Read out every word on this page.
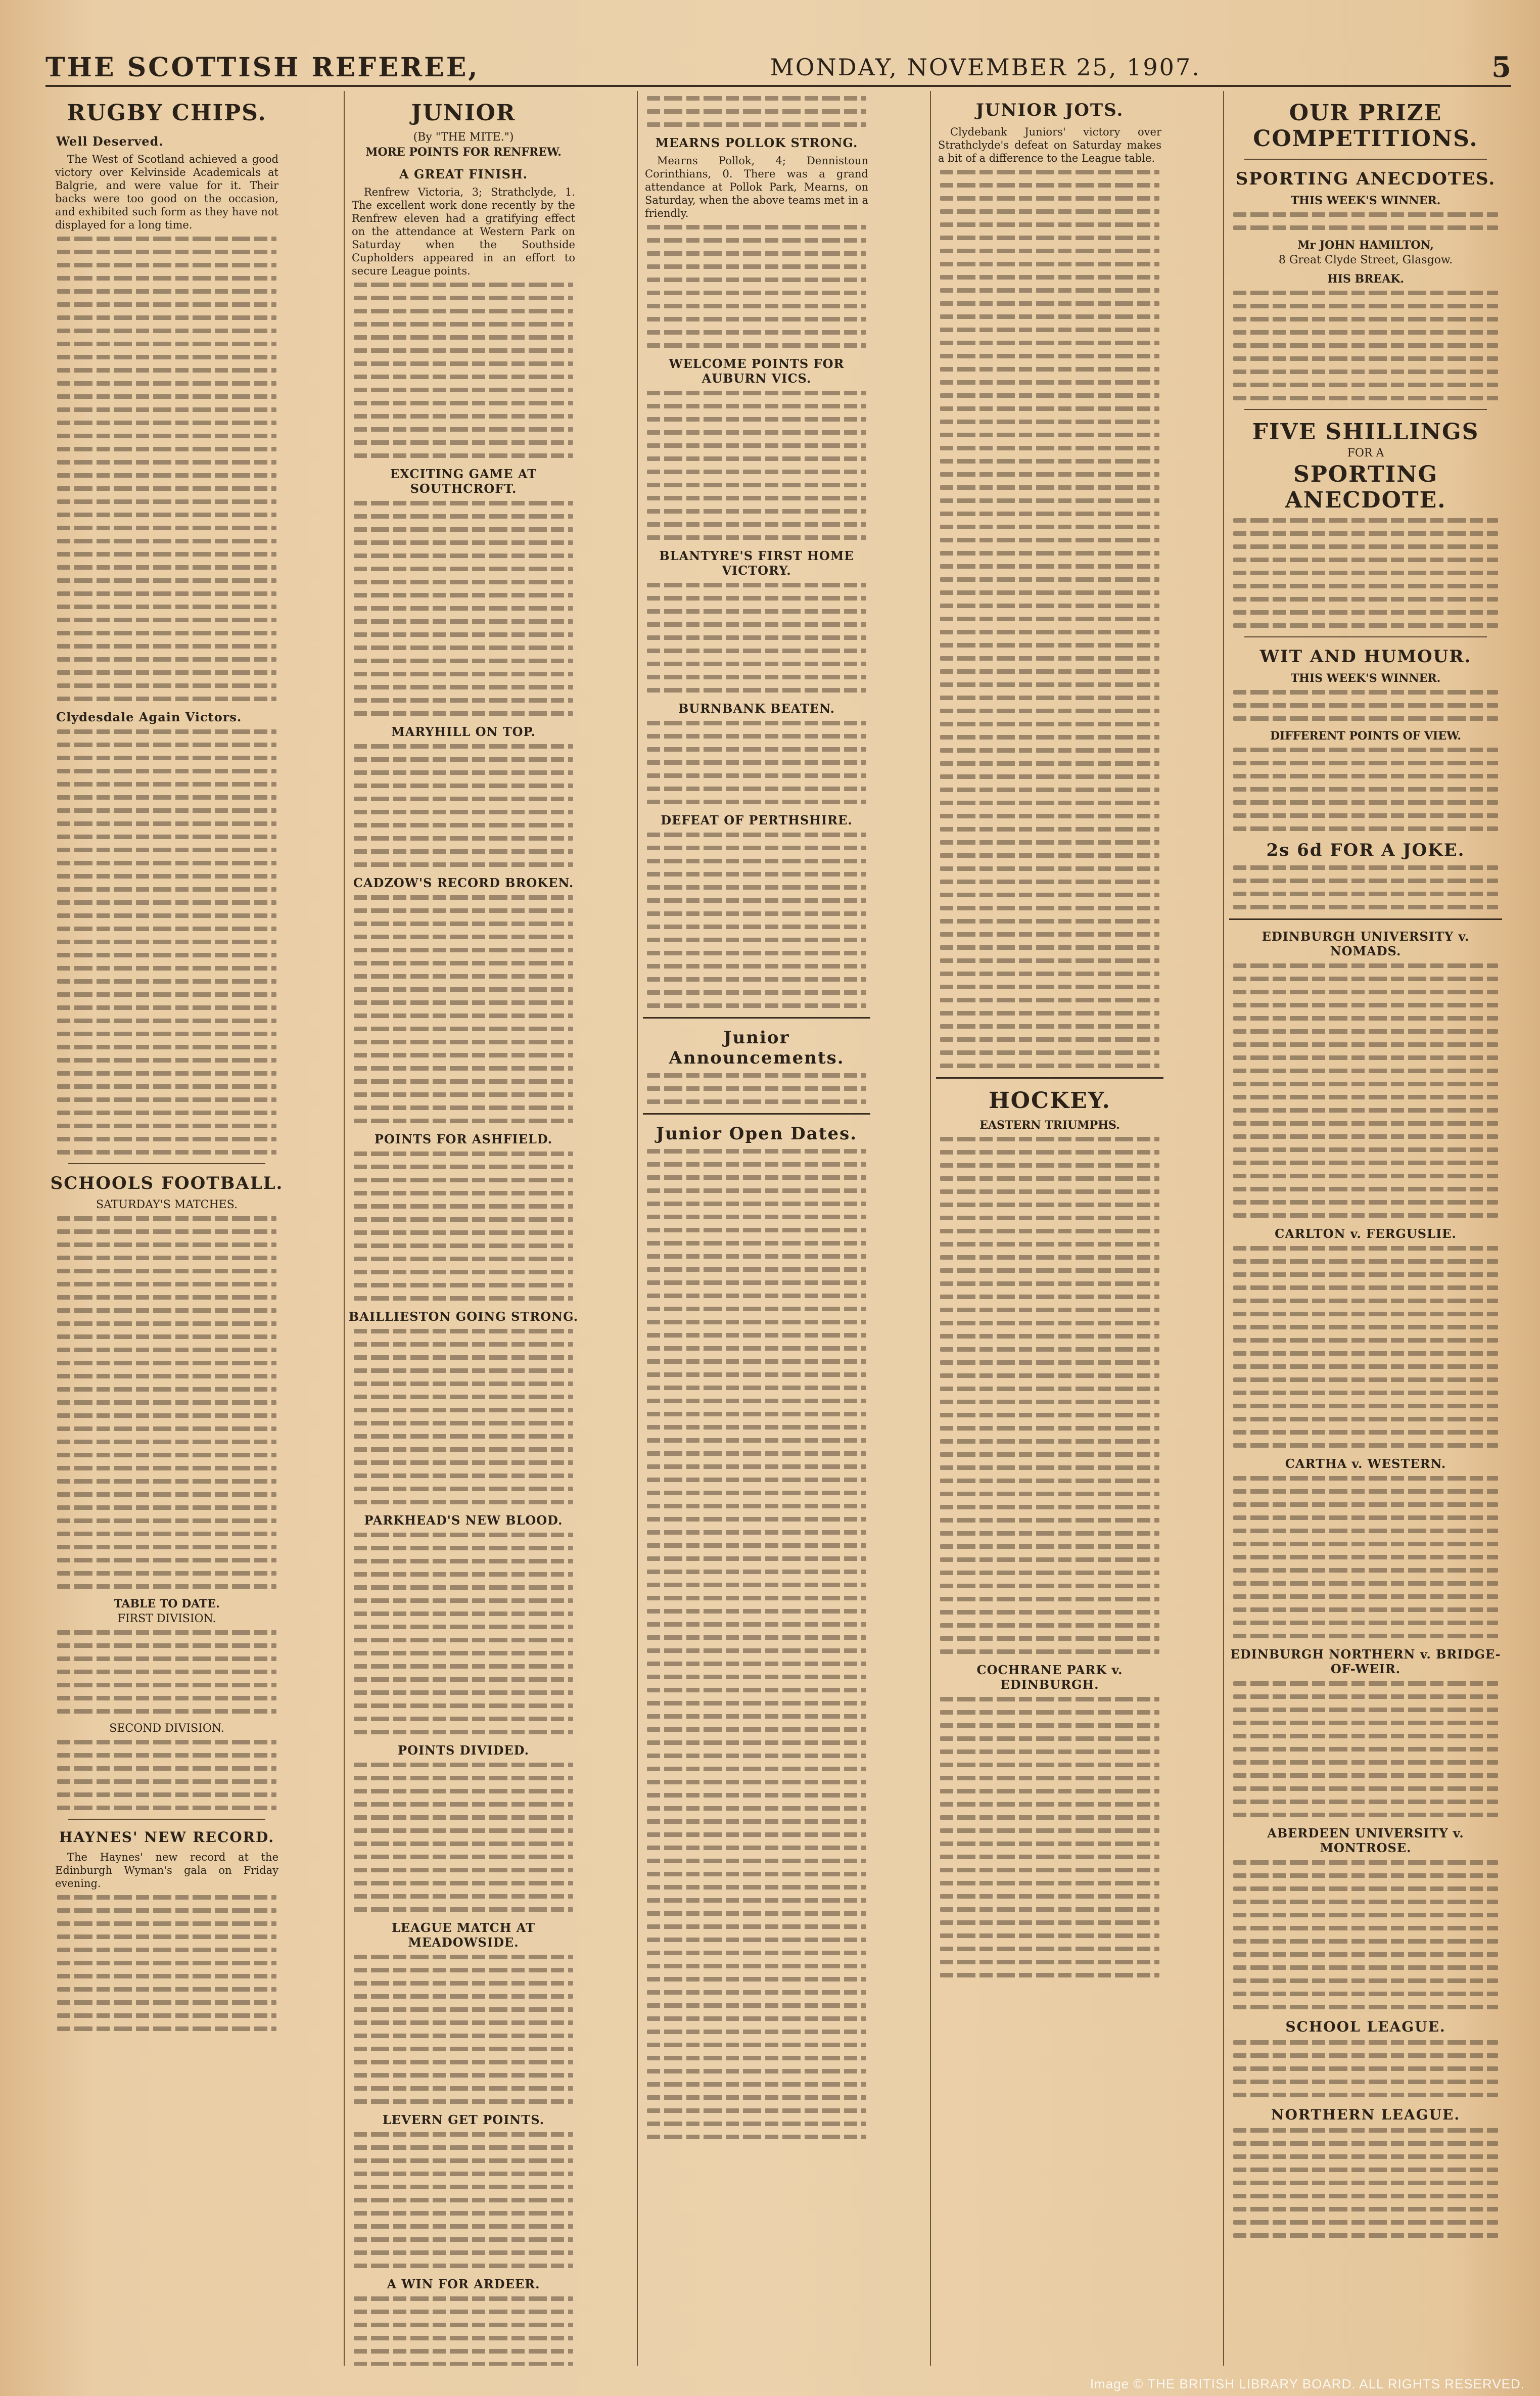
THE SCOTTISH REFEREE,	MONDAY, NOVEMBER 25, 1907.	5
RUGBY CHIPS.
Well Deserved.

The West of Scotland achieved a good victory over Kelvinside Academicals at Balgrie, and were value for it. Their backs were too good on the occasion, and exhibited such form as they have not displayed for a long time.

Clydesdale Again Victors.
SCHOOLS FOOTBALL.
SATURDAY'S MATCHES.
TABLE TO DATE.
FIRST DIVISION.
SECOND DIVISION.
HAYNES' NEW RECORD.

The Haynes' new record at the Edinburgh Wyman's gala on Friday evening.

JUNIOR
(By "THE MITE.")
MORE POINTS FOR RENFREW.
A GREAT FINISH.

Renfrew Victoria, 3; Strathclyde, 1. The excellent work done recently by the Renfrew eleven had a gratifying effect on the attendance at Western Park on Saturday when the Southside Cupholders appeared in an effort to secure League points.

EXCITING GAME AT SOUTHCROFT.
MARYHILL ON TOP.
CADZOW'S RECORD BROKEN.
POINTS FOR ASHFIELD.
BAILLIESTON GOING STRONG.
PARKHEAD'S NEW BLOOD.
POINTS DIVIDED.
LEAGUE MATCH AT MEADOWSIDE.
LEVERN GET POINTS.
A WIN FOR ARDEER.
MEARNS POLLOK STRONG.

Mearns Pollok, 4; Dennistoun Corinthians, 0. There was a grand attendance at Pollok Park, Mearns, on Saturday, when the above teams met in a friendly.

WELCOME POINTS FOR AUBURN VICS.
BLANTYRE'S FIRST HOME VICTORY.
BURNBANK BEATEN.
DEFEAT OF PERTHSHIRE.
Junior Announcements.
Junior Open Dates.
JUNIOR JOTS.

Clydebank Juniors' victory over Strathclyde's defeat on Saturday makes a bit of a difference to the League table.

HOCKEY.
EASTERN TRIUMPHS.
COCHRANE PARK v. EDINBURGH.
OUR PRIZE COMPETITIONS.
SPORTING ANECDOTES.
THIS WEEK'S WINNER.
Mr JOHN HAMILTON,
8 Great Clyde Street, Glasgow.
HIS BREAK.
FIVE SHILLINGS
FOR A
SPORTING ANECDOTE.
WIT AND HUMOUR.
THIS WEEK'S WINNER.
DIFFERENT POINTS OF VIEW.
2s 6d FOR A JOKE.
EDINBURGH UNIVERSITY v. NOMADS.
CARLTON v. FERGUSLIE.
CARTHA v. WESTERN.
EDINBURGH NORTHERN v. BRIDGE-OF-WEIR.
ABERDEEN UNIVERSITY v. MONTROSE.
SCHOOL LEAGUE.
NORTHERN LEAGUE.
Image © THE BRITISH LIBRARY BOARD. ALL RIGHTS RESERVED.
